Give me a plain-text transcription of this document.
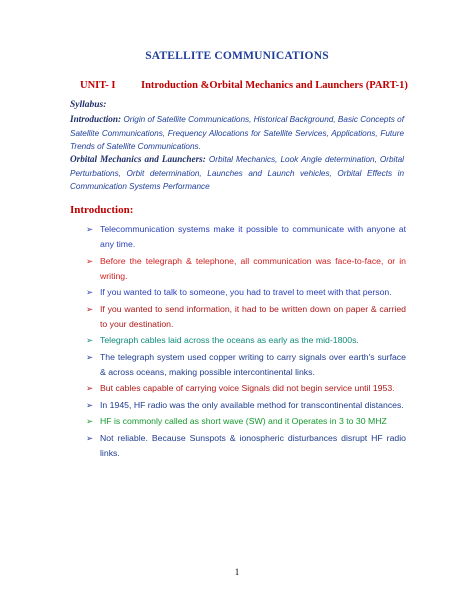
SATELLITE COMMUNICATIONS
UNIT- I Introduction &Orbital Mechanics and Launchers (PART-1)
Syllabus:
Introduction: Origin of Satellite Communications, Historical Background, Basic Concepts of Satellite Communications, Frequency Allocations for Satellite Services, Applications, Future Trends of Satellite Communications.
Orbital Mechanics and Launchers: Orbital Mechanics, Look Angle determination, Orbital Perturbations, Orbit determination, Launches and Launch vehicles, Orbital Effects in Communication Systems Performance
Introduction:
➢ Telecommunication systems make it possible to communicate with anyone at any time.
➢ Before the telegraph & telephone, all communication was face-to-face, or in writing.
➢ If you wanted to talk to someone, you had to travel to meet with that person.
➢ If you wanted to send information, it had to be written down on paper & carried to your destination.
➢ Telegraph cables laid across the oceans as early as the mid-1800s.
➢ The telegraph system used copper writing to carry signals over earth's surface & across oceans, making possible intercontinental links.
➢ But cables capable of carrying voice Signals did not begin service until 1953.
➢ In 1945, HF radio was the only available method for transcontinental distances.
➢ HF is commonly called as short wave (SW) and it Operates in 3 to 30 MHZ
➢ Not reliable. Because Sunspots & ionospheric disturbances disrupt HF radio links.
1
